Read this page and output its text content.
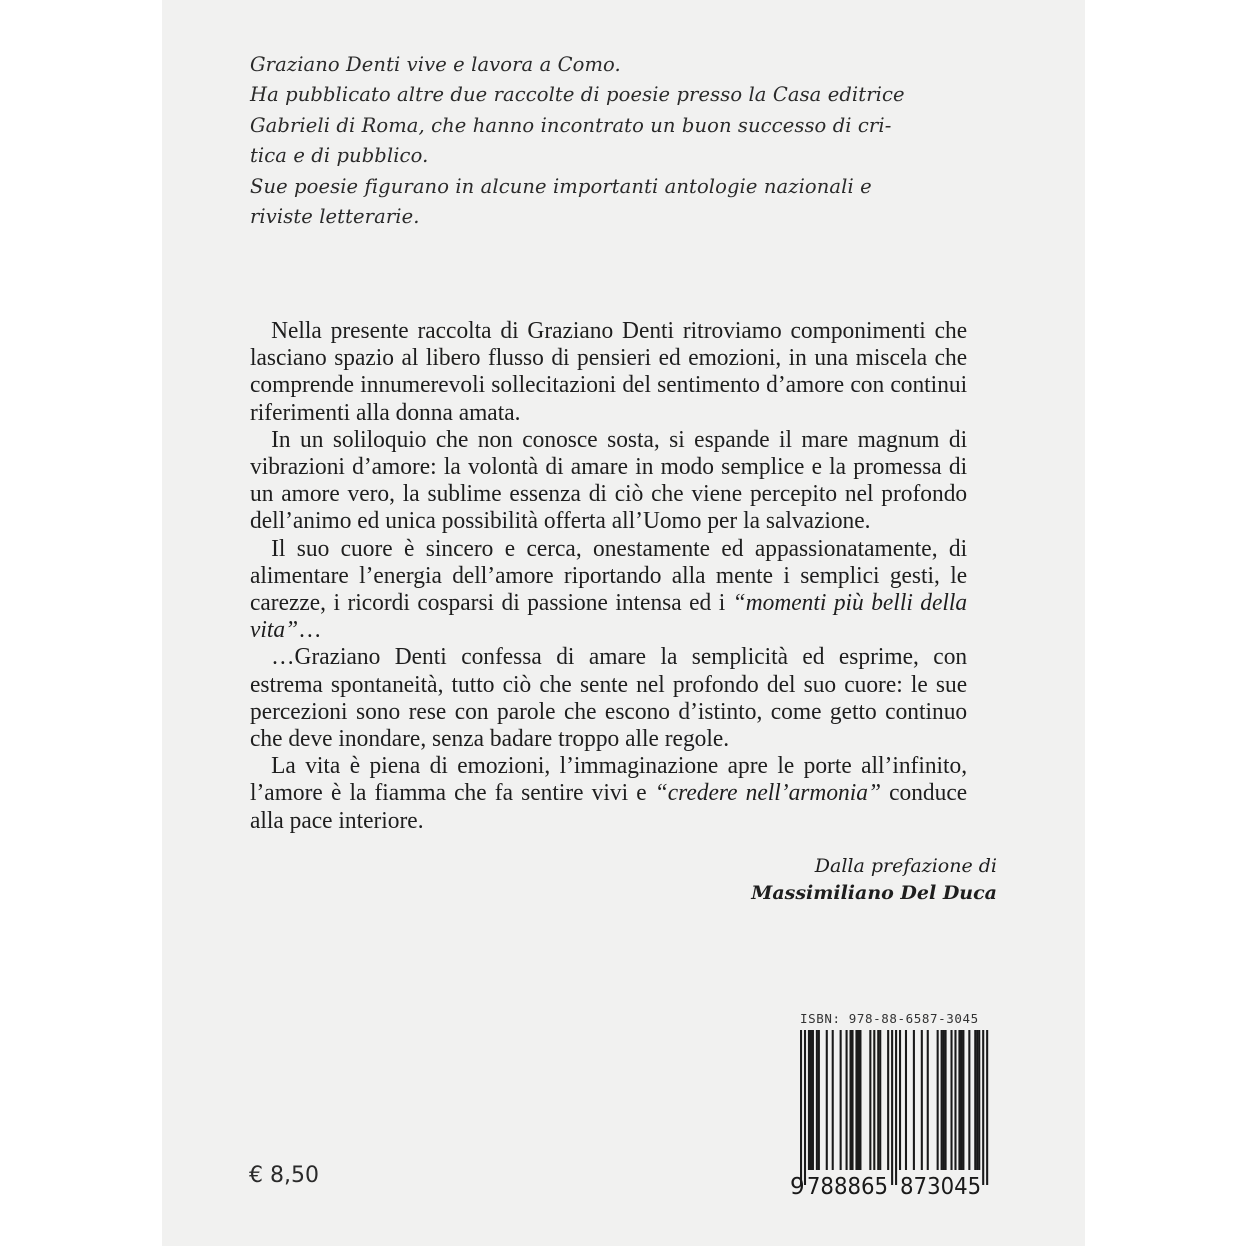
Graziano Denti vive e lavora a Como.
Ha pubblicato altre due raccolte di poesie presso la Casa editrice
Gabrieli di Roma, che hanno incontrato un buon successo di cri-
tica e di pubblico.
Sue poesie figurano in alcune importanti antologie nazionali e
riviste letterarie.

Nella presente raccolta di Graziano Denti ritroviamo componimenti che lasciano spazio al libero flusso di pensieri ed emozioni, in una miscela che comprende innumerevoli sollecitazioni del sentimento d’amore con continui riferimenti alla donna amata.

In un soliloquio che non conosce sosta, si espande il mare magnum di vibrazioni d’amore: la volontà di amare in modo semplice e la promessa di un amore vero, la sublime essenza di ciò che viene percepito nel profondo dell’animo ed unica possibilità offerta all’Uomo per la salvazione.

Il suo cuore è sincero e cerca, onestamente ed appassionatamente, di alimentare l’energia dell’amore riportando alla mente i semplici gesti, le carezze, i ricordi cosparsi di passione intensa ed i “momenti più belli della vita”…

…Graziano Denti confessa di amare la semplicità ed esprime, con estrema spontaneità, tutto ciò che sente nel profondo del suo cuore: le sue percezioni sono rese con parole che escono d’istinto, come getto continuo che deve inondare, senza badare troppo alle regole.

La vita è piena di emozioni, l’immaginazione apre le porte all’infinito, l’amore è la fiamma che fa sentire vivi e “credere nell’armonia” conduce alla pace interiore.

Dalla prefazione di
Massimiliano Del Duca
ISBN: 978-88-6587-3045
9 788865 873045
€ 8,50
